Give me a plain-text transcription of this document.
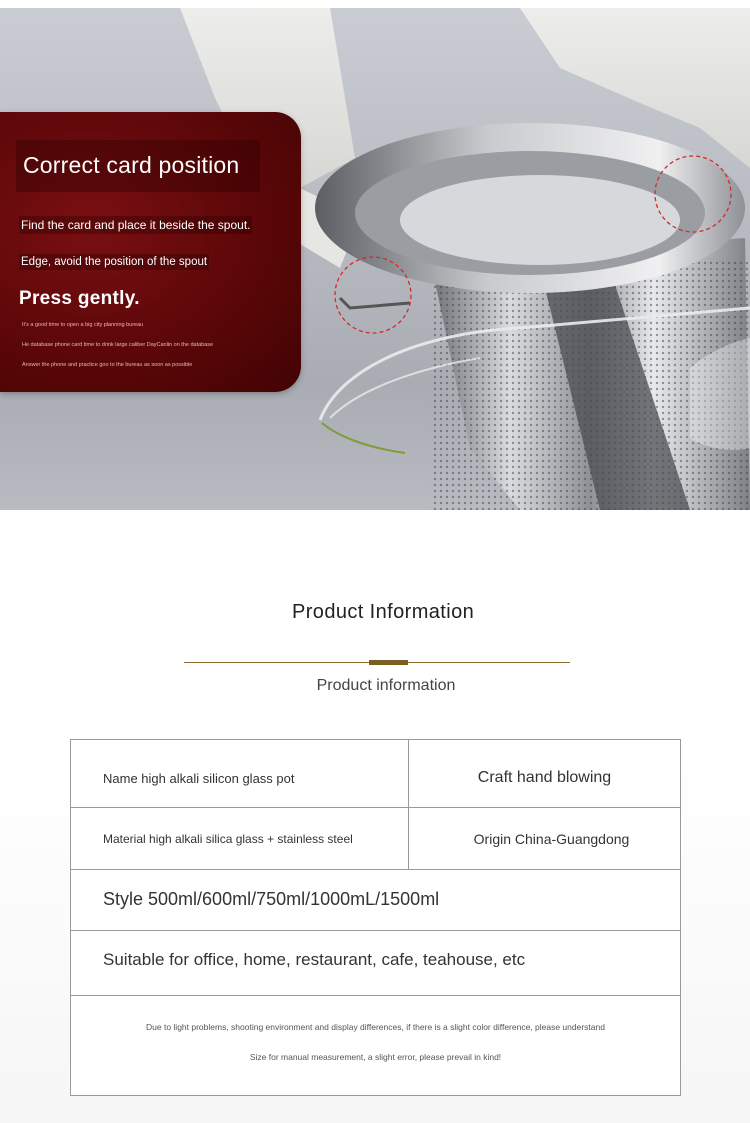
Correct card position
Find the card and place it beside the spout.
Edge, avoid the position of the spout
Press gently.
It's a good time to open a big city planning bureau
He database phone card time to drink large caliber DayCanlin on the database
Answer the phone and practice goo to the bureau as soon as possible
Product Information
Product information
Name high alkali silicon glass pot	Craft hand blowing
Material high alkali silica glass + stainless steel	Origin China-Guangdong
Style 500ml/600ml/750ml/1000mL/1500ml
Suitable for office, home, restaurant, cafe, teahouse, etc
Due to light problems, shooting environment and display differences, if there is a slight color difference, please understand
Size for manual measurement, a slight error, please prevail in kind!
